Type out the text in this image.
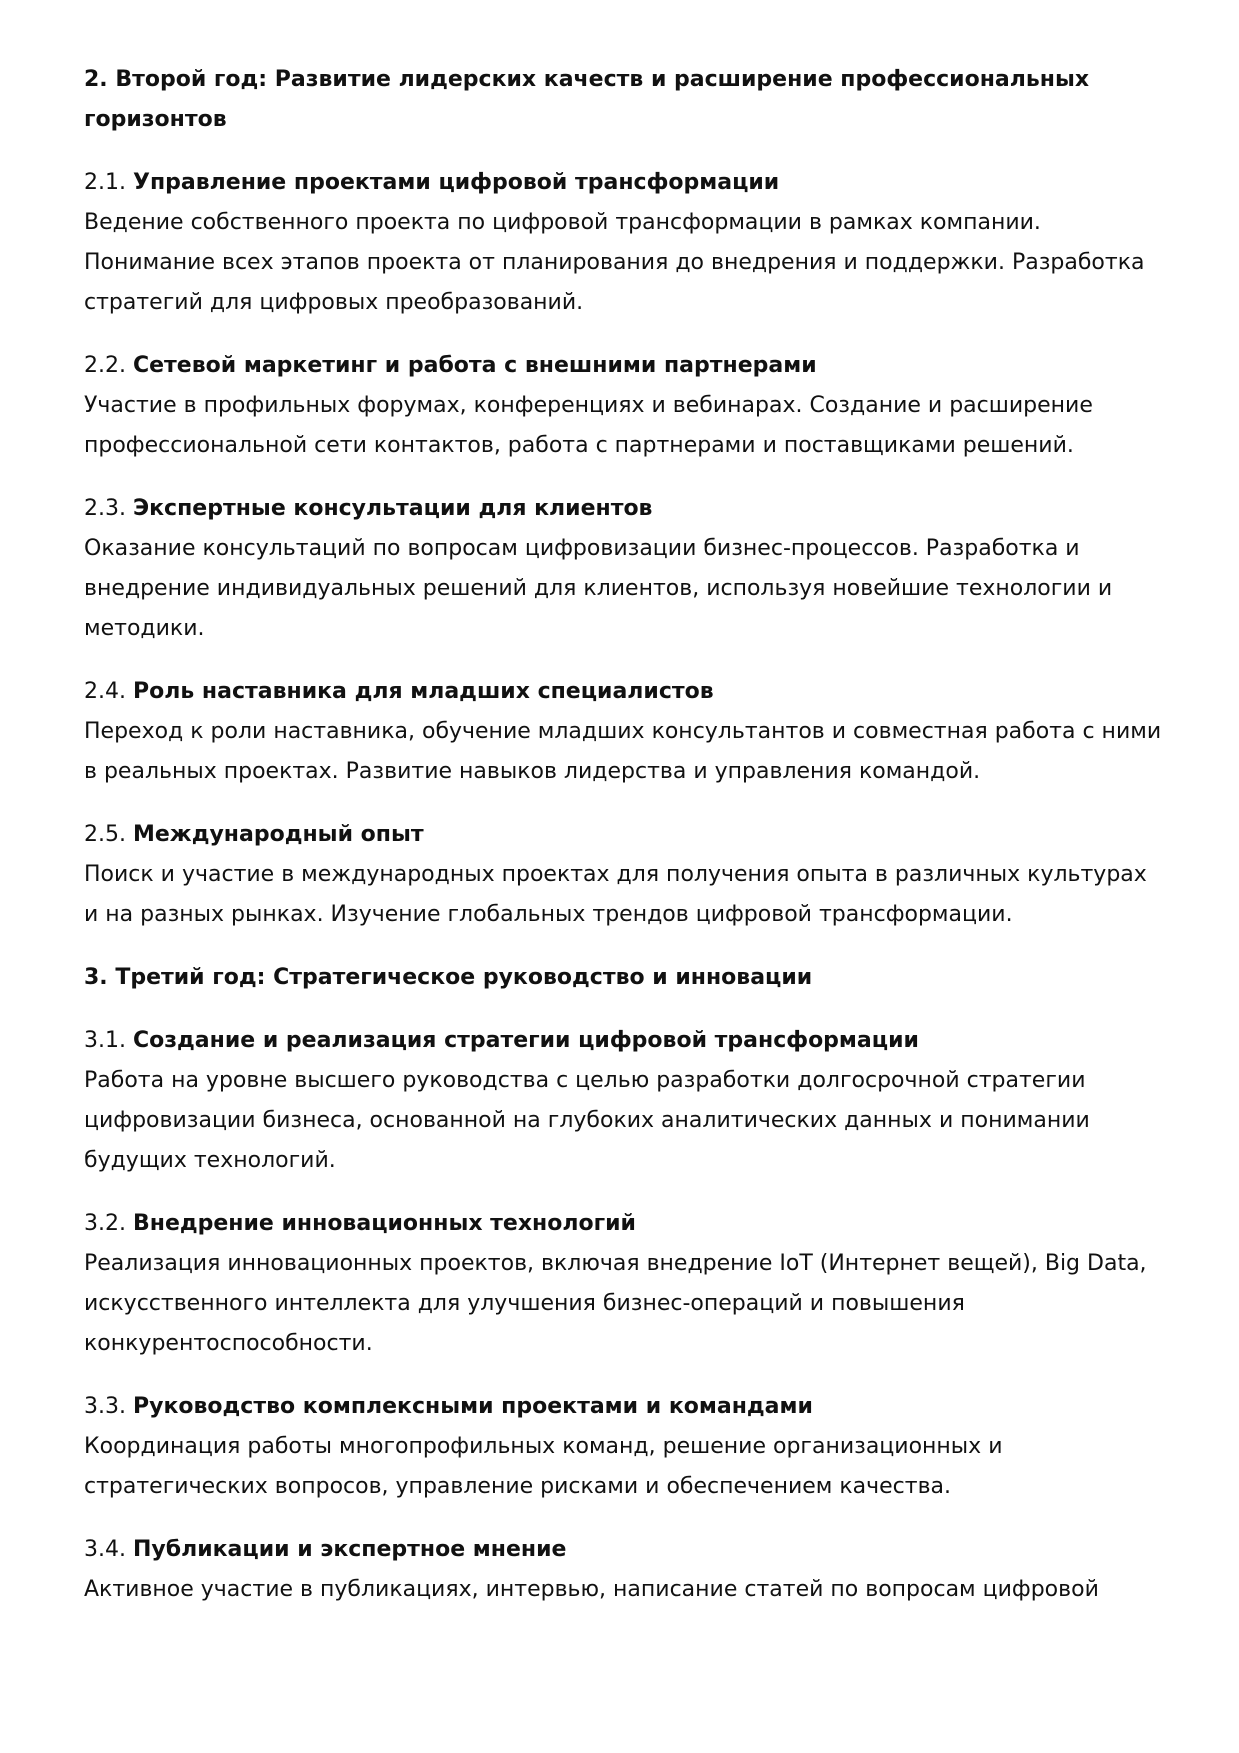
2. Второй год: Развитие лидерских качеств и расширение профессиональных горизонтов

2.1. Управление проектами цифровой трансформации

Ведение собственного проекта по цифровой трансформации в рамках компании. Понимание всех этапов проекта от планирования до внедрения и поддержки. Разработка стратегий для цифровых преобразований.

2.2. Сетевой маркетинг и работа с внешними партнерами

Участие в профильных форумах, конференциях и вебинарах. Создание и расширение профессиональной сети контактов, работа с партнерами и поставщиками решений.

2.3. Экспертные консультации для клиентов

Оказание консультаций по вопросам цифровизации бизнес-процессов. Разработка и внедрение индивидуальных решений для клиентов, используя новейшие технологии и методики.

2.4. Роль наставника для младших специалистов

Переход к роли наставника, обучение младших консультантов и совместная работа с ними в реальных проектах. Развитие навыков лидерства и управления командой.

2.5. Международный опыт

Поиск и участие в международных проектах для получения опыта в различных культурах и на разных рынках. Изучение глобальных трендов цифровой трансформации.

3. Третий год: Стратегическое руководство и инновации

3.1. Создание и реализация стратегии цифровой трансформации

Работа на уровне высшего руководства с целью разработки долгосрочной стратегии цифровизации бизнеса, основанной на глубоких аналитических данных и понимании будущих технологий.

3.2. Внедрение инновационных технологий

Реализация инновационных проектов, включая внедрение IoT (Интернет вещей), Big Data, искусственного интеллекта для улучшения бизнес-операций и повышения конкурентоспособности.

3.3. Руководство комплексными проектами и командами

Координация работы многопрофильных команд, решение организационных и стратегических вопросов, управление рисками и обеспечением качества.

3.4. Публикации и экспертное мнение

Активное участие в публикациях, интервью, написание статей по вопросам цифровой
